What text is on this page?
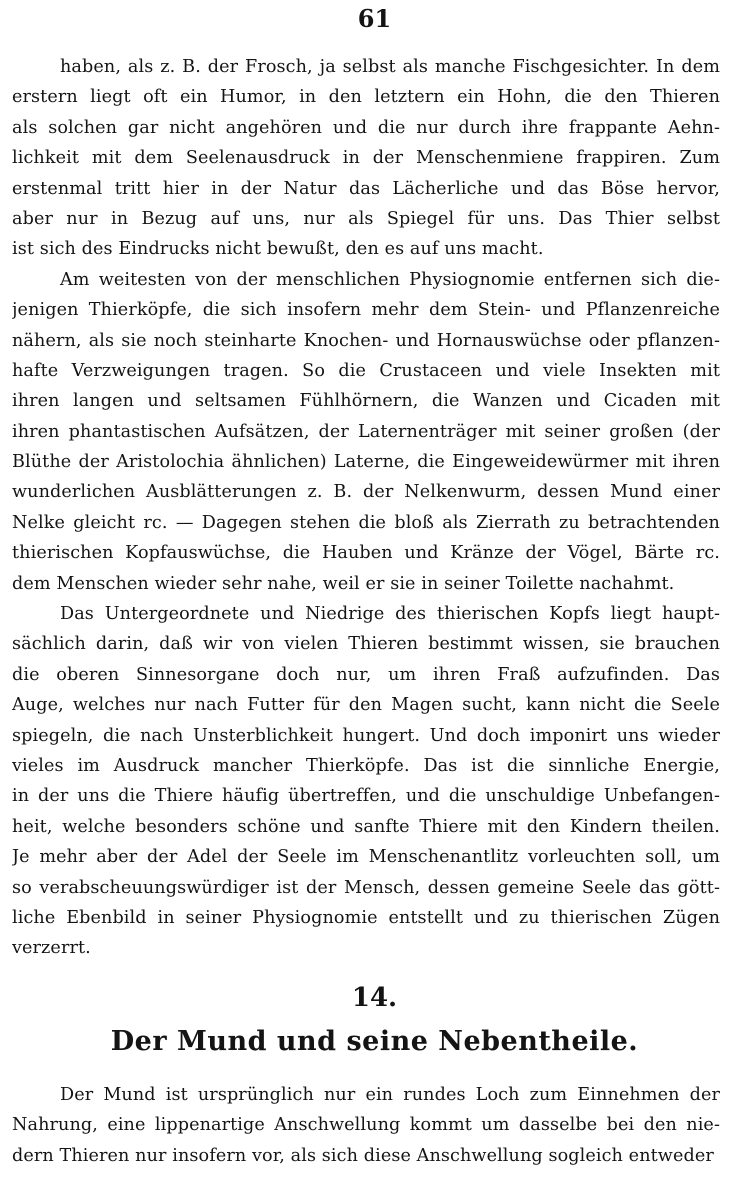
61
haben, als z. B. der Frosch, ja selbst als manche Fischgesichter. In dem
erstern liegt oft ein Humor, in den letztern ein Hohn, die den Thieren
als solchen gar nicht angehören und die nur durch ihre frappante Aehn-
lichkeit mit dem Seelenausdruck in der Menschenmiene frappiren. Zum
erstenmal tritt hier in der Natur das Lächerliche und das Böse hervor,
aber nur in Bezug auf uns, nur als Spiegel für uns. Das Thier selbst
ist sich des Eindrucks nicht bewußt, den es auf uns macht.
Am weitesten von der menschlichen Physiognomie entfernen sich die-
jenigen Thierköpfe, die sich insofern mehr dem Stein- und Pflanzenreiche
nähern, als sie noch steinharte Knochen- und Hornauswüchse oder pflanzen-
hafte Verzweigungen tragen. So die Crustaceen und viele Insekten mit
ihren langen und seltsamen Fühlhörnern, die Wanzen und Cicaden mit
ihren phantastischen Aufsätzen, der Laternenträger mit seiner großen (der
Blüthe der Aristolochia ähnlichen) Laterne, die Eingeweidewürmer mit ihren
wunderlichen Ausblätterungen z. B. der Nelkenwurm, dessen Mund einer
Nelke gleicht rc. — Dagegen stehen die bloß als Zierrath zu betrachtenden
thierischen Kopfauswüchse, die Hauben und Kränze der Vögel, Bärte rc.
dem Menschen wieder sehr nahe, weil er sie in seiner Toilette nachahmt.
Das Untergeordnete und Niedrige des thierischen Kopfs liegt haupt-
sächlich darin, daß wir von vielen Thieren bestimmt wissen, sie brauchen
die oberen Sinnesorgane doch nur, um ihren Fraß aufzufinden. Das
Auge, welches nur nach Futter für den Magen sucht, kann nicht die Seele
spiegeln, die nach Unsterblichkeit hungert. Und doch imponirt uns wieder
vieles im Ausdruck mancher Thierköpfe. Das ist die sinnliche Energie,
in der uns die Thiere häufig übertreffen, und die unschuldige Unbefangen-
heit, welche besonders schöne und sanfte Thiere mit den Kindern theilen.
Je mehr aber der Adel der Seele im Menschenantlitz vorleuchten soll, um
so verabscheuungswürdiger ist der Mensch, dessen gemeine Seele das gött-
liche Ebenbild in seiner Physiognomie entstellt und zu thierischen Zügen
verzerrt.
14.
Der Mund und seine Nebentheile.
Der Mund ist ursprünglich nur ein rundes Loch zum Einnehmen der
Nahrung, eine lippenartige Anschwellung kommt um dasselbe bei den nie-
dern Thieren nur insofern vor, als sich diese Anschwellung sogleich entweder
